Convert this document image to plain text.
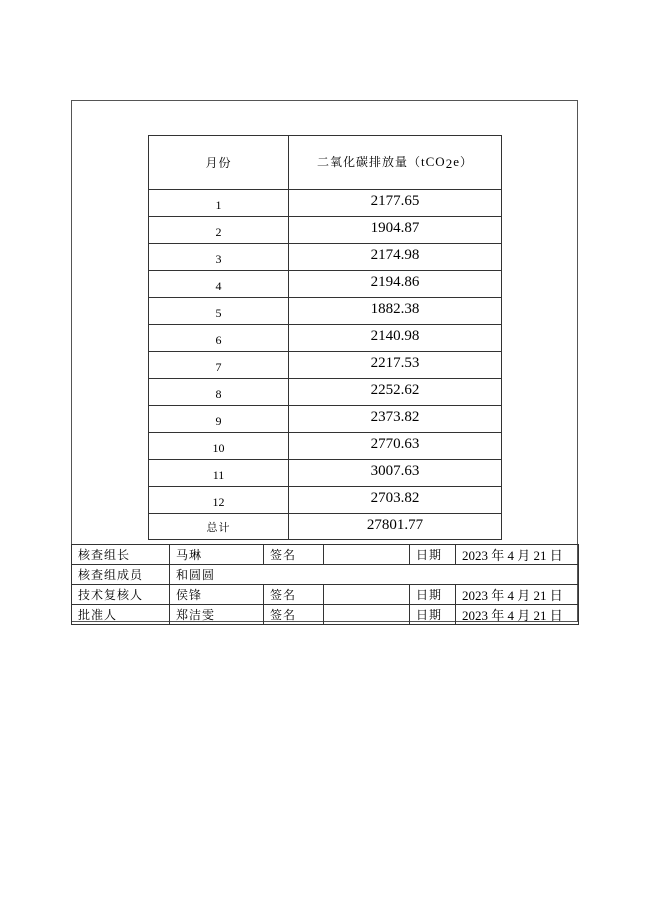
月份	二氧化碳排放量（tCO2e）
1	2177.65
2	1904.87
3	2174.98
4	2194.86
5	1882.38
6	2140.98
7	2217.53
8	2252.62
9	2373.82
10	2770.63
11	3007.63
12	2703.82
总计	27801.77
核查组长	马琳	签名		日期	2023 年 4 月 21 日
核查组成员	和圆圆				
技术复核人	侯锋	签名		日期	2023 年 4 月 21 日
批准人	郑洁雯	签名		日期	2023 年 4 月 21 日
